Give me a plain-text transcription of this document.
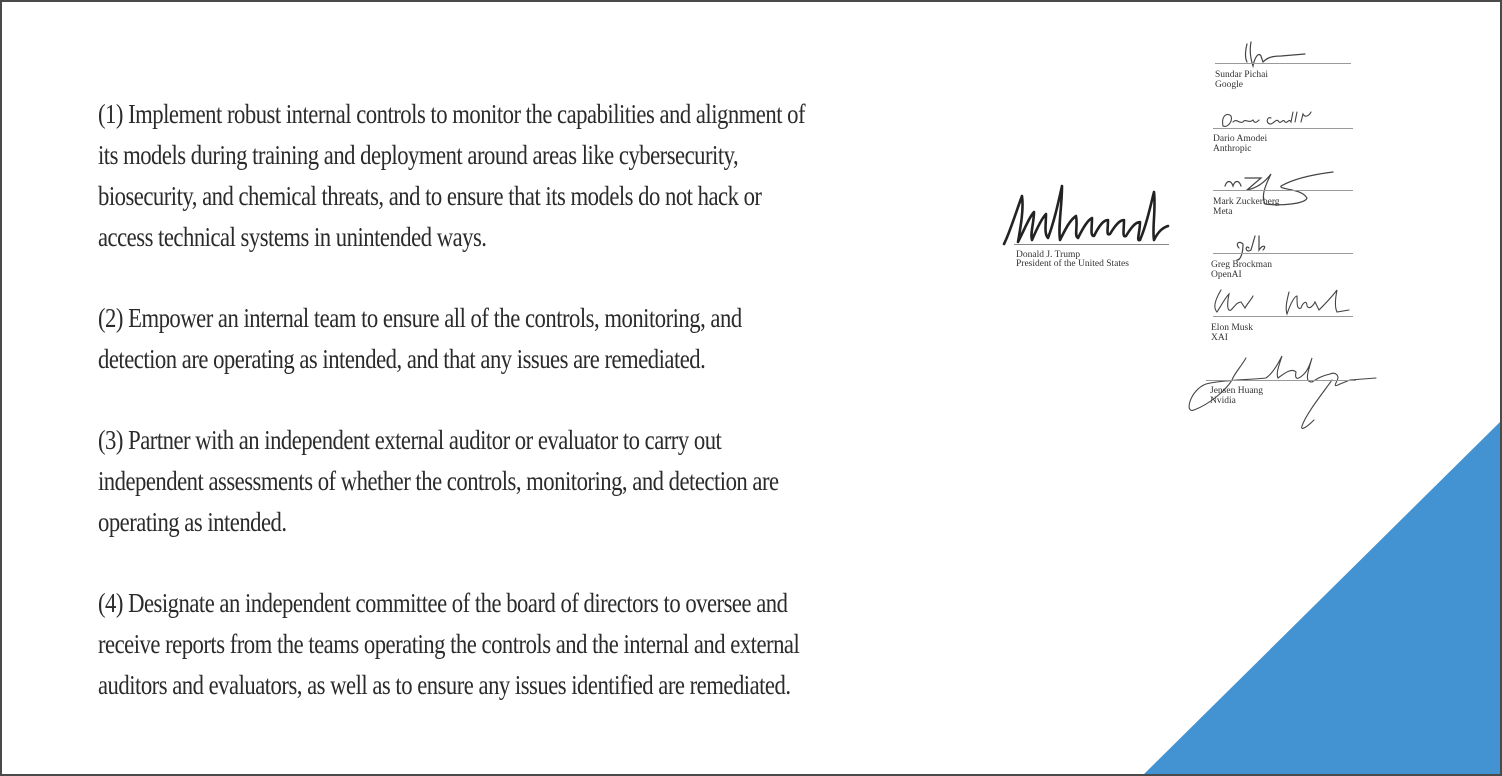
(1) Implement robust internal controls to monitor the capabilities and alignment of
its models during training and deployment around areas like cybersecurity,
biosecurity, and chemical threats, and to ensure that its models do not hack or
access technical systems in unintended ways.
(2) Empower an internal team to ensure all of the controls, monitoring, and
detection are operating as intended, and that any issues are remediated.
(3) Partner with an independent external auditor or evaluator to carry out
independent assessments of whether the controls, monitoring, and detection are
operating as intended.
(4) Designate an independent committee of the board of directors to oversee and
receive reports from the teams operating the controls and the internal and external
auditors and evaluators, as well as to ensure any issues identified are remediated.
Donald J. Trump
President of the United States
Sundar Pichai
Google
Dario Amodei
Anthropic
Mark Zuckerberg
Meta
Greg Brockman
OpenAI
Elon Musk
XAI
Jensen Huang
Nvidia
